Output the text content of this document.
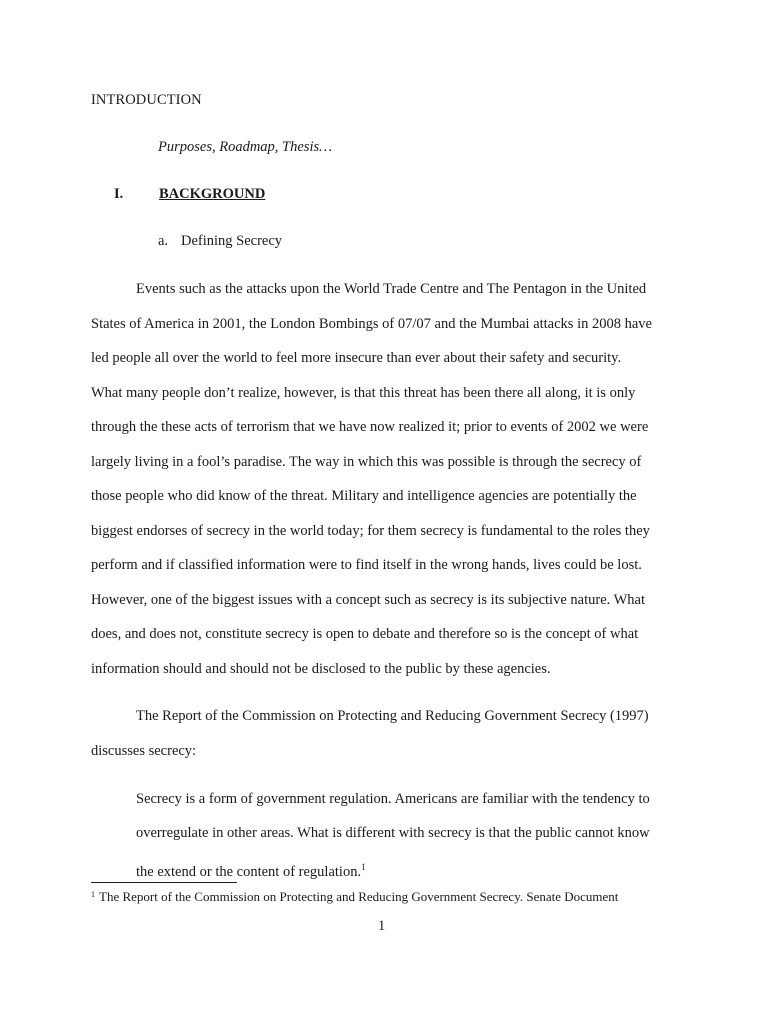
INTRODUCTION
Purposes, Roadmap, Thesis…
I. BACKGROUND
a. Defining Secrecy
Events such as the attacks upon the World Trade Centre and The Pentagon in the United
States of America in 2001, the London Bombings of 07/07 and the Mumbai attacks in 2008 have
led people all over the world to feel more insecure than ever about their safety and security.
What many people don’t realize, however, is that this threat has been there all along, it is only
through the these acts of terrorism that we have now realized it; prior to events of 2002 we were
largely living in a fool’s paradise. The way in which this was possible is through the secrecy of
those people who did know of the threat. Military and intelligence agencies are potentially the
biggest endorses of secrecy in the world today; for them secrecy is fundamental to the roles they
perform and if classified information were to find itself in the wrong hands, lives could be lost.
However, one of the biggest issues with a concept such as secrecy is its subjective nature. What
does, and does not, constitute secrecy is open to debate and therefore so is the concept of what
information should and should not be disclosed to the public by these agencies.
The Report of the Commission on Protecting and Reducing Government Secrecy (1997)
discusses secrecy:
Secrecy is a form of government regulation. Americans are familiar with the tendency to
overregulate in other areas. What is different with secrecy is that the public cannot know
the extend or the content of regulation.$^1$
$^1$ The Report of the Commission on Protecting and Reducing Government Secrecy. Senate Document
1
